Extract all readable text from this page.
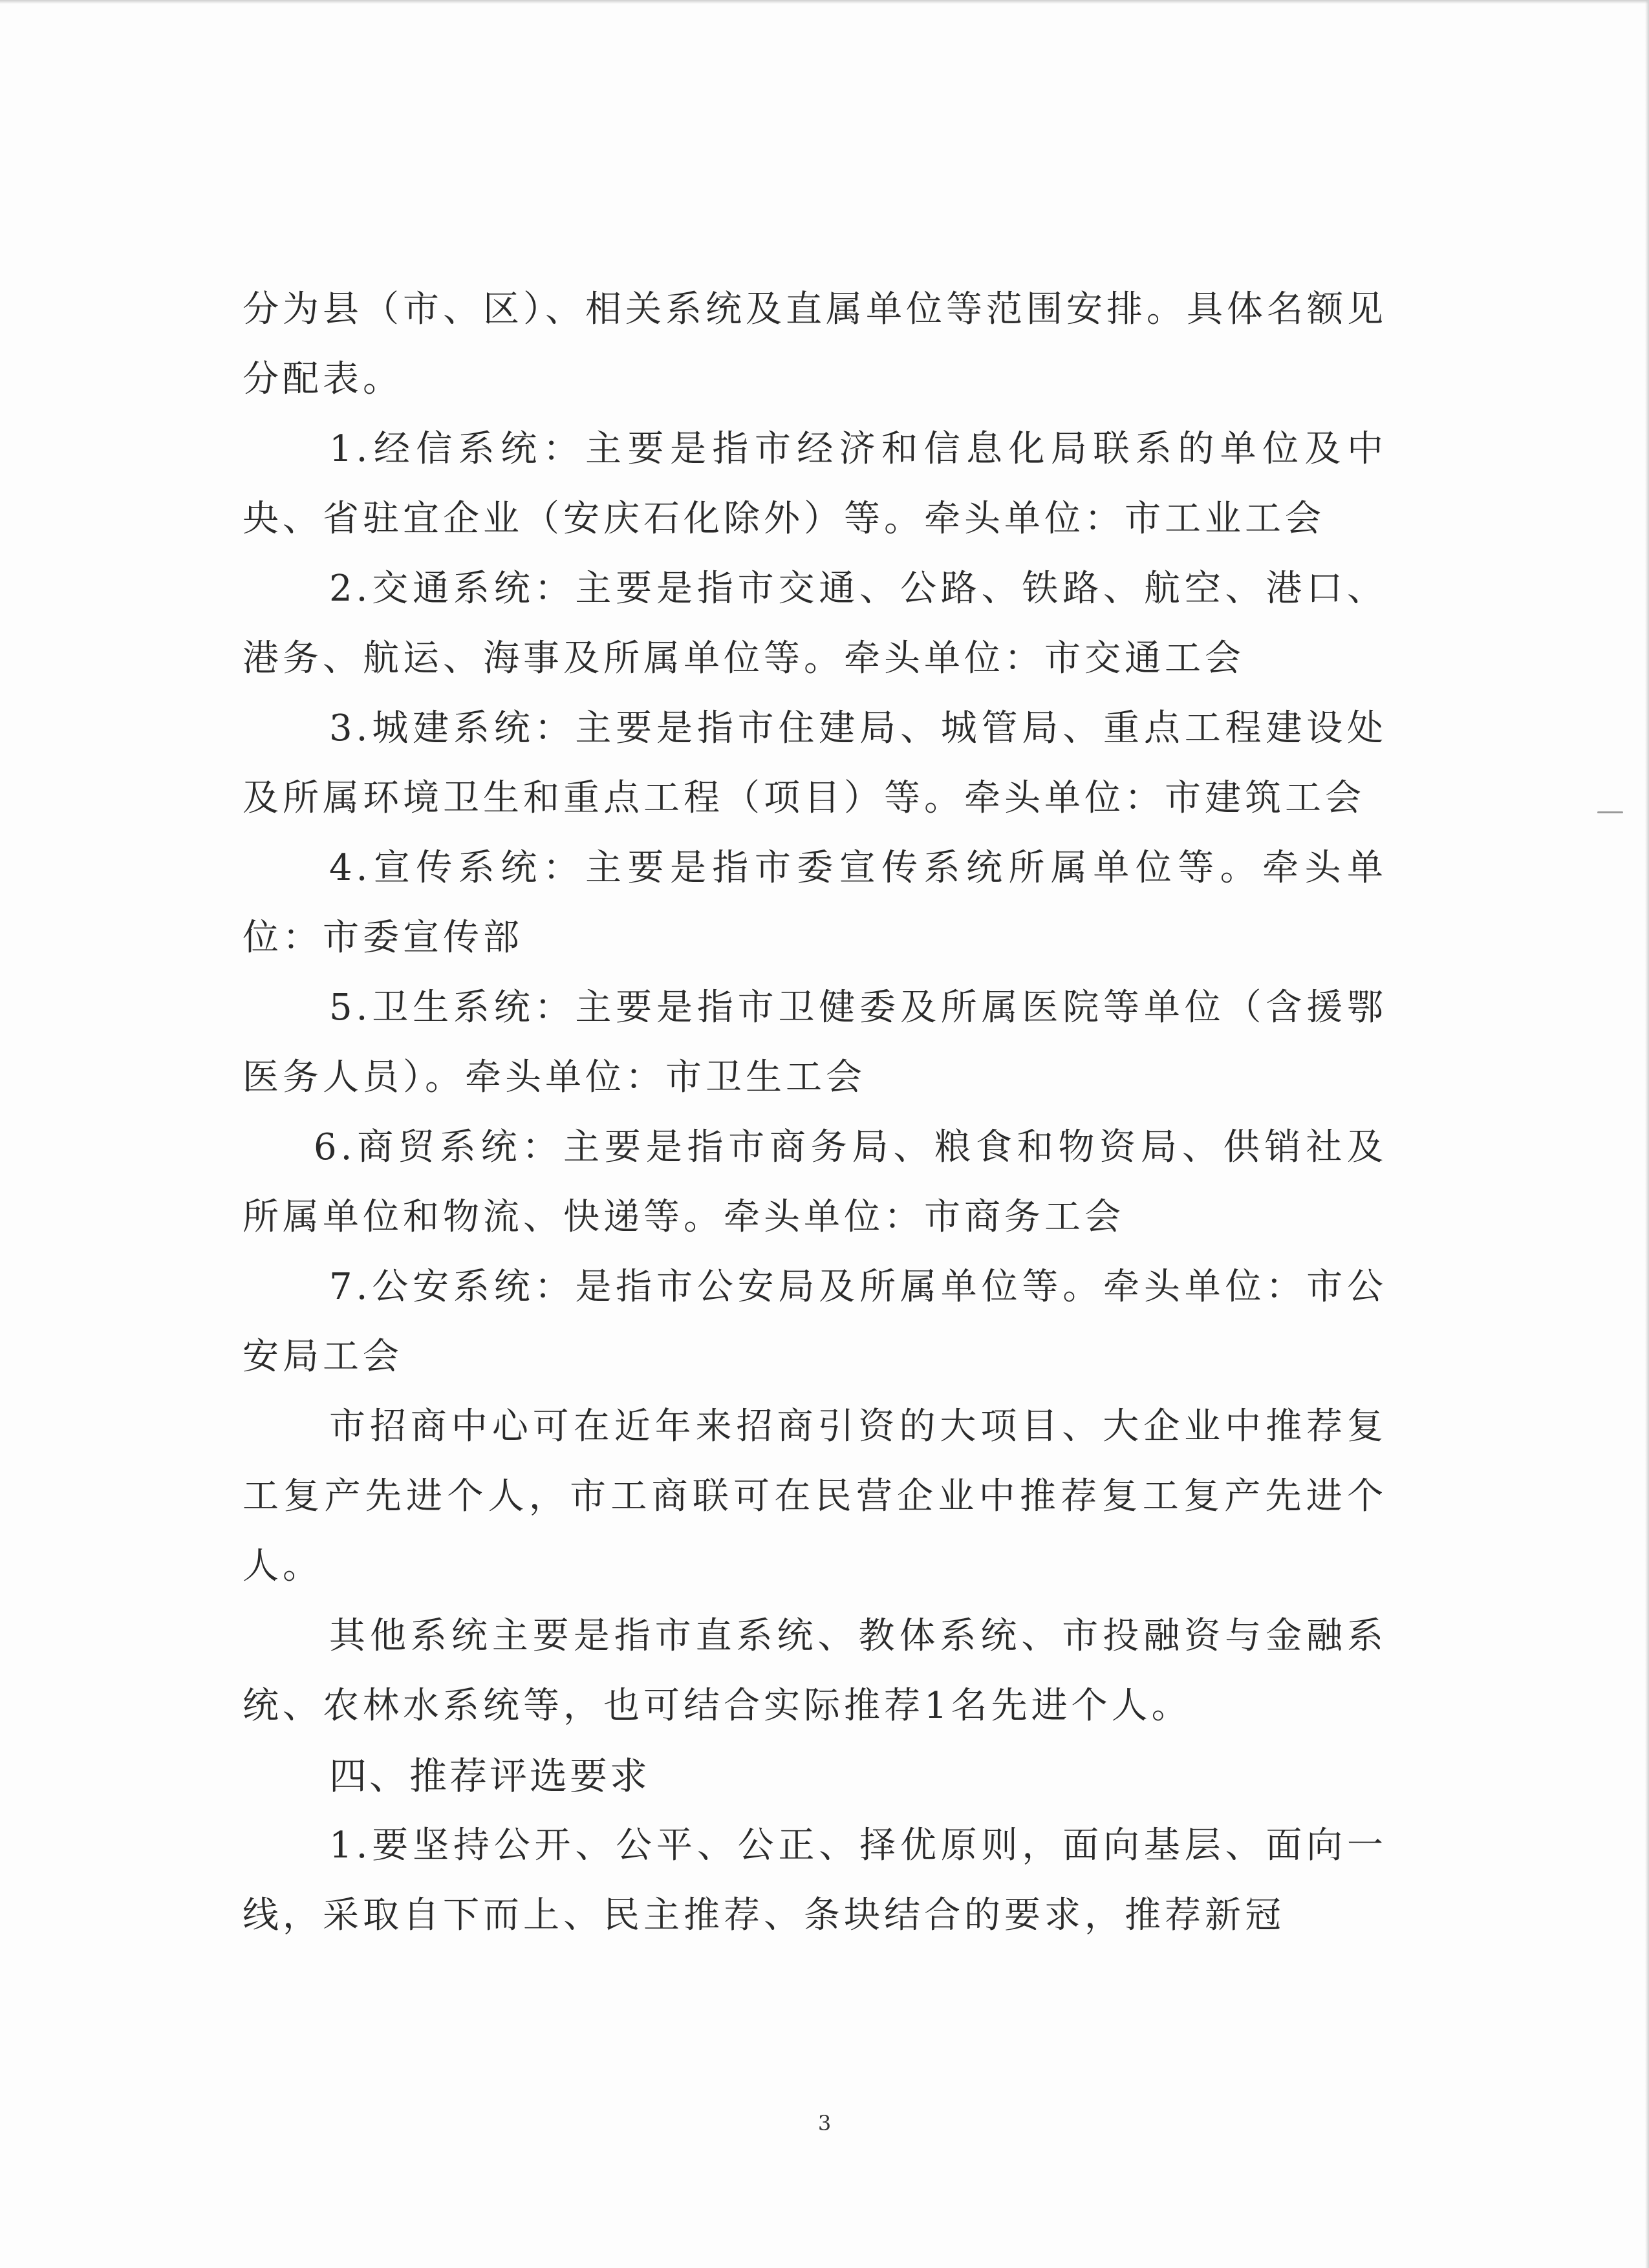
分为县（市、区）、相关系统及直属单位等范围安排。具体名额见分配表。

1.经信系统：主要是指市经济和信息化局联系的单位及中央、省驻宜企业（安庆石化除外）等。牵头单位：市工业工会

2.交通系统：主要是指市交通、公路、铁路、航空、港口、港务、航运、海事及所属单位等。牵头单位：市交通工会

3.城建系统：主要是指市住建局、城管局、重点工程建设处及所属环境卫生和重点工程（项目）等。牵头单位：市建筑工会

4.宣传系统：主要是指市委宣传系统所属单位等。牵头单位：市委宣传部

5.卫生系统：主要是指市卫健委及所属医院等单位（含援鄂医务人员）。牵头单位：市卫生工会

6.商贸系统：主要是指市商务局、粮食和物资局、供销社及所属单位和物流、快递等。牵头单位：市商务工会

7.公安系统：是指市公安局及所属单位等。牵头单位：市公安局工会

市招商中心可在近年来招商引资的大项目、大企业中推荐复工复产先进个人，市工商联可在民营企业中推荐复工复产先进个人。

其他系统主要是指市直系统、教体系统、市投融资与金融系统、农林水系统等，也可结合实际推荐1名先进个人。

四、推荐评选要求

1.要坚持公开、公平、公正、择优原则，面向基层、面向一线，采取自下而上、民主推荐、条块结合的要求，推荐新冠

3
